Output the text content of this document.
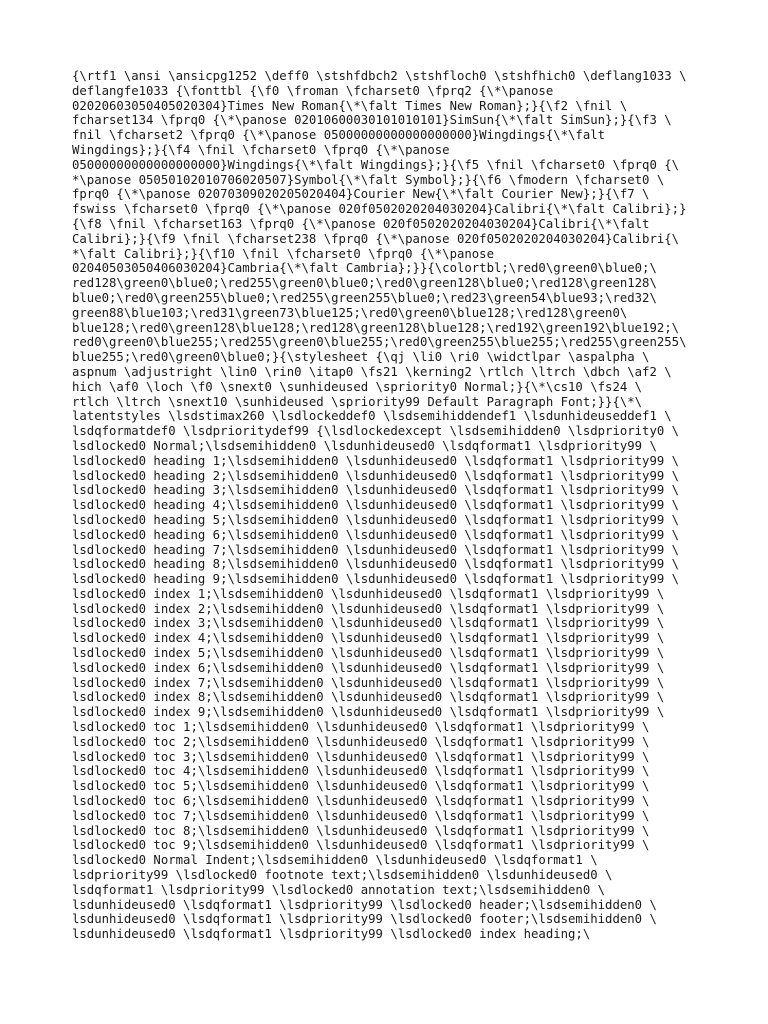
{\rtf1 \ansi \ansicpg1252 \deff0 \stshfdbch2 \stshfloch0 \stshfhich0 \deflang1033 \
deflangfe1033 {\fonttbl {\f0 \froman \fcharset0 \fprq2 {\*\panose
02020603050405020304}Times New Roman{\*\falt Times New Roman};}{\f2 \fnil \
fcharset134 \fprq0 {\*\panose 02010600030101010101}SimSun{\*\falt SimSun};}{\f3 \
fnil \fcharset2 \fprq0 {\*\panose 05000000000000000000}Wingdings{\*\falt
Wingdings};}{\f4 \fnil \fcharset0 \fprq0 {\*\panose
05000000000000000000}Wingdings{\*\falt Wingdings};}{\f5 \fnil \fcharset0 \fprq0 {\
*\panose 05050102010706020507}Symbol{\*\falt Symbol};}{\f6 \fmodern \fcharset0 \
fprq0 {\*\panose 02070309020205020404}Courier New{\*\falt Courier New};}{\f7 \
fswiss \fcharset0 \fprq0 {\*\panose 020f0502020204030204}Calibri{\*\falt Calibri};}
{\f8 \fnil \fcharset163 \fprq0 {\*\panose 020f0502020204030204}Calibri{\*\falt
Calibri};}{\f9 \fnil \fcharset238 \fprq0 {\*\panose 020f0502020204030204}Calibri{\
*\falt Calibri};}{\f10 \fnil \fcharset0 \fprq0 {\*\panose
02040503050406030204}Cambria{\*\falt Cambria};}}{\colortbl;\red0\green0\blue0;\
red128\green0\blue0;\red255\green0\blue0;\red0\green128\blue0;\red128\green128\
blue0;\red0\green255\blue0;\red255\green255\blue0;\red23\green54\blue93;\red32\
green88\blue103;\red31\green73\blue125;\red0\green0\blue128;\red128\green0\
blue128;\red0\green128\blue128;\red128\green128\blue128;\red192\green192\blue192;\
red0\green0\blue255;\red255\green0\blue255;\red0\green255\blue255;\red255\green255\
blue255;\red0\green0\blue0;}{\stylesheet {\qj \li0 \ri0 \widctlpar \aspalpha \
aspnum \adjustright \lin0 \rin0 \itap0 \fs21 \kerning2 \rtlch \ltrch \dbch \af2 \
hich \af0 \loch \f0 \snext0 \sunhideused \spriority0 Normal;}{\*\cs10 \fs24 \
rtlch \ltrch \snext10 \sunhideused \spriority99 Default Paragraph Font;}}{\*\
latentstyles \lsdstimax260 \lsdlockeddef0 \lsdsemihiddendef1 \lsdunhideuseddef1 \
lsdqformatdef0 \lsdprioritydef99 {\lsdlockedexcept \lsdsemihidden0 \lsdpriority0 \
lsdlocked0 Normal;\lsdsemihidden0 \lsdunhideused0 \lsdqformat1 \lsdpriority99 \
lsdlocked0 heading 1;\lsdsemihidden0 \lsdunhideused0 \lsdqformat1 \lsdpriority99 \
lsdlocked0 heading 2;\lsdsemihidden0 \lsdunhideused0 \lsdqformat1 \lsdpriority99 \
lsdlocked0 heading 3;\lsdsemihidden0 \lsdunhideused0 \lsdqformat1 \lsdpriority99 \
lsdlocked0 heading 4;\lsdsemihidden0 \lsdunhideused0 \lsdqformat1 \lsdpriority99 \
lsdlocked0 heading 5;\lsdsemihidden0 \lsdunhideused0 \lsdqformat1 \lsdpriority99 \
lsdlocked0 heading 6;\lsdsemihidden0 \lsdunhideused0 \lsdqformat1 \lsdpriority99 \
lsdlocked0 heading 7;\lsdsemihidden0 \lsdunhideused0 \lsdqformat1 \lsdpriority99 \
lsdlocked0 heading 8;\lsdsemihidden0 \lsdunhideused0 \lsdqformat1 \lsdpriority99 \
lsdlocked0 heading 9;\lsdsemihidden0 \lsdunhideused0 \lsdqformat1 \lsdpriority99 \
lsdlocked0 index 1;\lsdsemihidden0 \lsdunhideused0 \lsdqformat1 \lsdpriority99 \
lsdlocked0 index 2;\lsdsemihidden0 \lsdunhideused0 \lsdqformat1 \lsdpriority99 \
lsdlocked0 index 3;\lsdsemihidden0 \lsdunhideused0 \lsdqformat1 \lsdpriority99 \
lsdlocked0 index 4;\lsdsemihidden0 \lsdunhideused0 \lsdqformat1 \lsdpriority99 \
lsdlocked0 index 5;\lsdsemihidden0 \lsdunhideused0 \lsdqformat1 \lsdpriority99 \
lsdlocked0 index 6;\lsdsemihidden0 \lsdunhideused0 \lsdqformat1 \lsdpriority99 \
lsdlocked0 index 7;\lsdsemihidden0 \lsdunhideused0 \lsdqformat1 \lsdpriority99 \
lsdlocked0 index 8;\lsdsemihidden0 \lsdunhideused0 \lsdqformat1 \lsdpriority99 \
lsdlocked0 index 9;\lsdsemihidden0 \lsdunhideused0 \lsdqformat1 \lsdpriority99 \
lsdlocked0 toc 1;\lsdsemihidden0 \lsdunhideused0 \lsdqformat1 \lsdpriority99 \
lsdlocked0 toc 2;\lsdsemihidden0 \lsdunhideused0 \lsdqformat1 \lsdpriority99 \
lsdlocked0 toc 3;\lsdsemihidden0 \lsdunhideused0 \lsdqformat1 \lsdpriority99 \
lsdlocked0 toc 4;\lsdsemihidden0 \lsdunhideused0 \lsdqformat1 \lsdpriority99 \
lsdlocked0 toc 5;\lsdsemihidden0 \lsdunhideused0 \lsdqformat1 \lsdpriority99 \
lsdlocked0 toc 6;\lsdsemihidden0 \lsdunhideused0 \lsdqformat1 \lsdpriority99 \
lsdlocked0 toc 7;\lsdsemihidden0 \lsdunhideused0 \lsdqformat1 \lsdpriority99 \
lsdlocked0 toc 8;\lsdsemihidden0 \lsdunhideused0 \lsdqformat1 \lsdpriority99 \
lsdlocked0 toc 9;\lsdsemihidden0 \lsdunhideused0 \lsdqformat1 \lsdpriority99 \
lsdlocked0 Normal Indent;\lsdsemihidden0 \lsdunhideused0 \lsdqformat1 \
lsdpriority99 \lsdlocked0 footnote text;\lsdsemihidden0 \lsdunhideused0 \
lsdqformat1 \lsdpriority99 \lsdlocked0 annotation text;\lsdsemihidden0 \
lsdunhideused0 \lsdqformat1 \lsdpriority99 \lsdlocked0 header;\lsdsemihidden0 \
lsdunhideused0 \lsdqformat1 \lsdpriority99 \lsdlocked0 footer;\lsdsemihidden0 \
lsdunhideused0 \lsdqformat1 \lsdpriority99 \lsdlocked0 index heading;\
